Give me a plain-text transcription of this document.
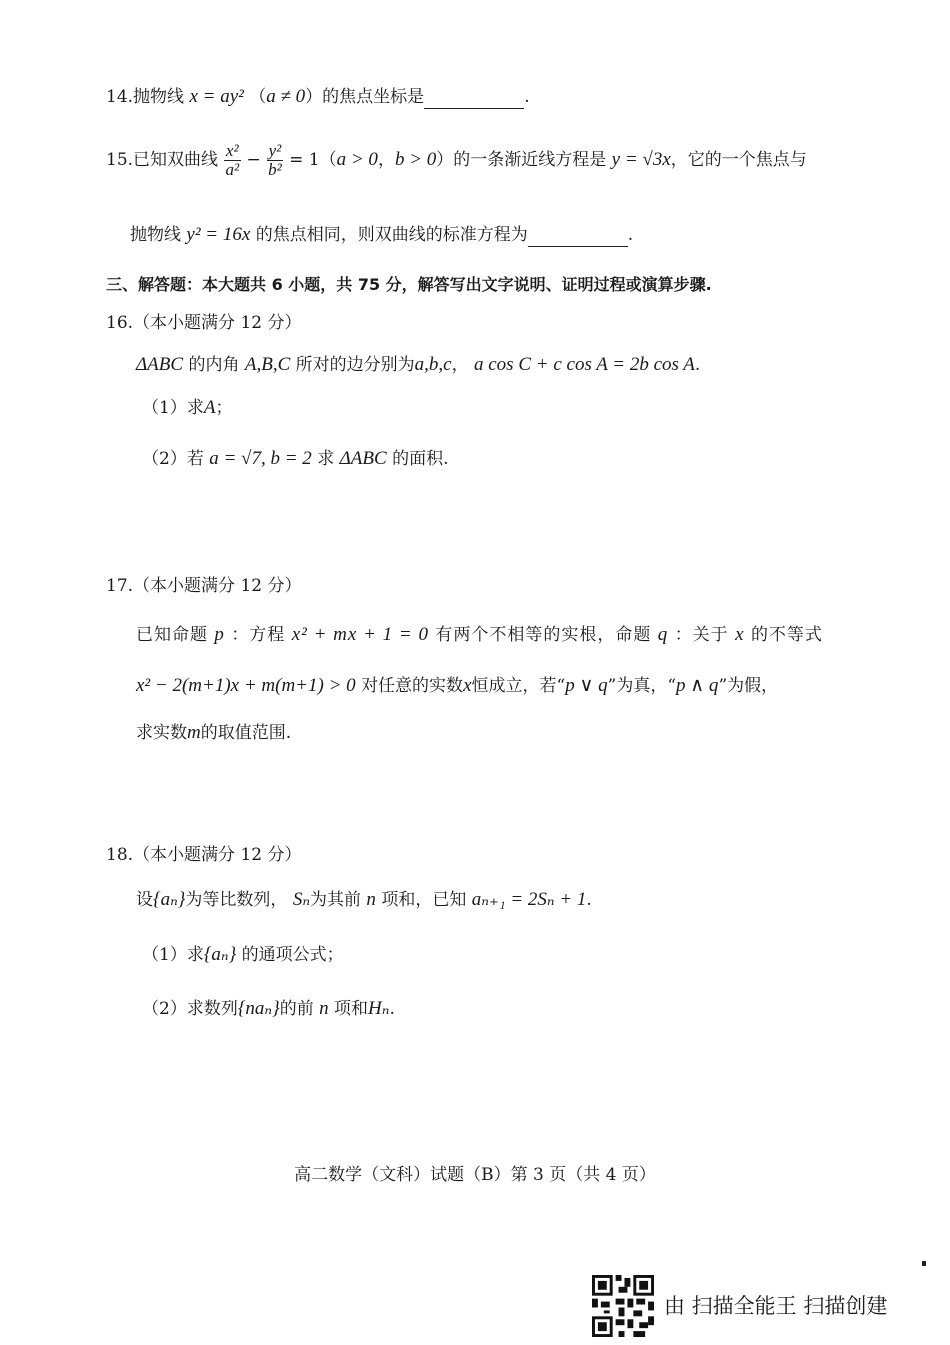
14.抛物线 x = ay² （a ≠ 0）的焦点坐标是	.
15.已知双曲线 $\frac{\text{x²}}{\text{a²}} - \frac{\text{y²}}{\text{b²}} = 1(a > 0$，b > 0）的一条渐近线方程是 y = √3x，它的一个焦点与
抛物线 y² = 16x 的焦点相同，则双曲线的标准方程为	.
三、解答题：本大题共 6 小题，共 75 分，解答写出文字说明、证明过程或演算步骤.
16.（本小题满分 12 分）
ΔABC 的内角 A,B,C 所对的边分别为a,b,c， a cos C + c cos A = 2b cos A.
（1）求A；
（2）若 a = √7, b = 2 求 ΔABC 的面积.
17.（本小题满分 12 分）
已知命题 p ：方程 x² + mx + 1 = 0 有两个不相等的实根，命题 q ：关于 x 的不等式
x² − 2(m+1)x + m(m+1) > 0 对任意的实数x恒成立，若“p ∨ q”为真，“p ∧ q”为假，
求实数m的取值范围.
18.（本小题满分 12 分）
设{aₙ}为等比数列， Sₙ为其前 n 项和，已知 aₙ₊₁ = 2Sₙ + 1.
（1）求{aₙ} 的通项公式；
（2）求数列{naₙ}的前 n 项和Hₙ.
高二数学（文科）试题（B）第 3 页（共 4 页）
由 扫描全能王 扫描创建
